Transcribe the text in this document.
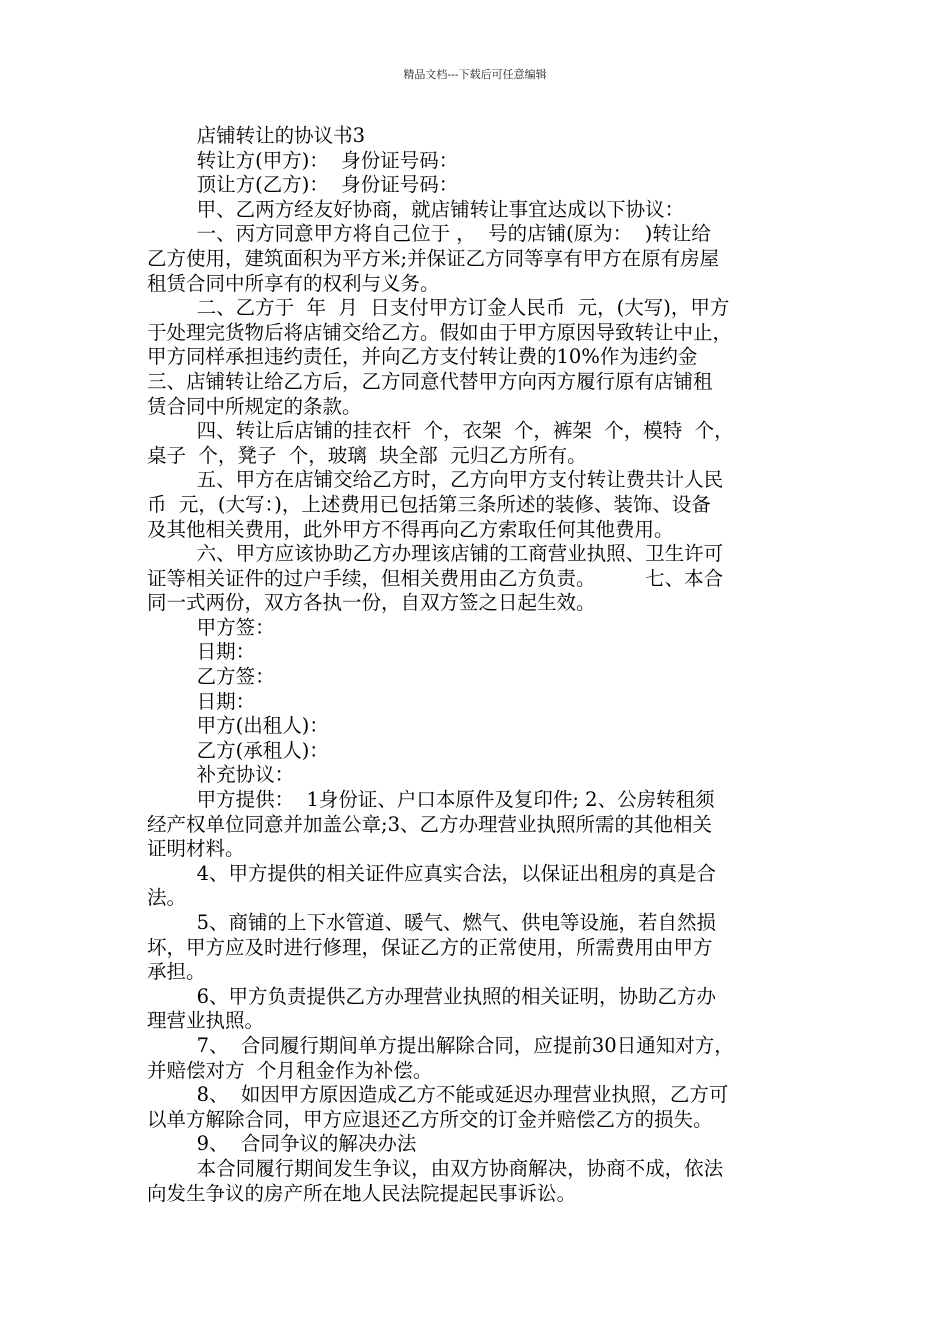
精品文档---下载后可任意编辑
店铺转让的协议书3
转让方(甲方)：  身份证号码：
顶让方(乙方)：  身份证号码：
甲、乙两方经友好协商，就店铺转让事宜达成以下协议：
一、丙方同意甲方将自己位于 ，  号的店铺(原为：  )转让给
乙方使用，建筑面积为平方米;并保证乙方同等享有甲方在原有房屋
租赁合同中所享有的权利与义务。
二、乙方于  年  月  日支付甲方订金人民币  元，(大写)，甲方
于处理完货物后将店铺交给乙方。假如由于甲方原因导致转让中止，
甲方同样承担违约责任，并向乙方支付转让费的10%作为违约金
三、店铺转让给乙方后，乙方同意代替甲方向丙方履行原有店铺租
赁合同中所规定的条款。
四、转让后店铺的挂衣杆  个，衣架  个，裤架  个，模特  个，
桌子  个，凳子  个，玻璃  块全部  元归乙方所有。
五、甲方在店铺交给乙方时，乙方向甲方支付转让费共计人民
币  元，(大写：)，上述费用已包括第三条所述的装修、装饰、设备
及其他相关费用，此外甲方不得再向乙方索取任何其他费用。
六、甲方应该协助乙方办理该店铺的工商营业执照、卫生许可
证等相关证件的过户手续，但相关费用由乙方负责。        七、本合
同一式两份，双方各执一份，自双方签之日起生效。
甲方签：
日期：
乙方签：
日期：
甲方(出租人)：
乙方(承租人)：
补充协议：
甲方提供：  1身份证、户口本原件及复印件; 2、公房转租须
经产权单位同意并加盖公章;3、乙方办理营业执照所需的其他相关
证明材料。
4、甲方提供的相关证件应真实合法，以保证出租房的真是合
法。
5、商铺的上下水管道、暖气、燃气、供电等设施，若自然损
坏，甲方应及时进行修理，保证乙方的正常使用，所需费用由甲方
承担。
6、甲方负责提供乙方办理营业执照的相关证明，协助乙方办
理营业执照。
7、  合同履行期间单方提出解除合同，应提前30日通知对方，
并赔偿对方  个月租金作为补偿。
8、  如因甲方原因造成乙方不能或延迟办理营业执照，乙方可
以单方解除合同，甲方应退还乙方所交的订金并赔偿乙方的损失。
9、  合同争议的解决办法
本合同履行期间发生争议，由双方协商解决，协商不成，依法
向发生争议的房产所在地人民法院提起民事诉讼。
